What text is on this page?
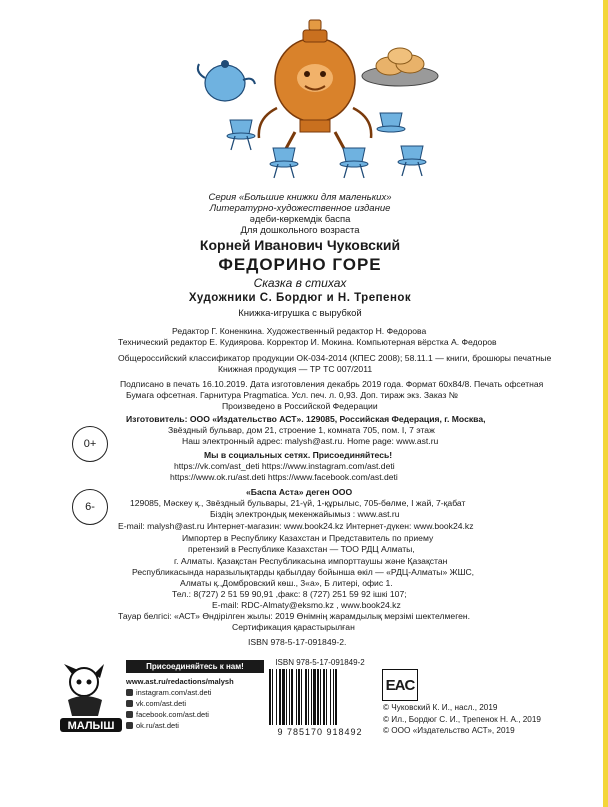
Серия «Большие книжки для маленьких»
Литературно-художественное издание
әдеби-көркемдік баспа
Для дошкольного возраста
Корней Иванович Чуковский
ФЕДОРИНО ГОРЕ
Сказка в стихах
Художники С. Бордюг и Н. Трепенок
Книжка-игрушка с вырубкой
Редактор Г. Коненкина. Художественный редактор Н. Федорова
Технический редактор Е. Кудиярова. Корректор И. Мокина. Компьютерная вёрстка А. Федоров
Общероссийский классификатор продукции ОК-034-2014 (КПЕС 2008); 58.11.1 — книги, брошюры печатные
Книжная продукция — ТР ТС 007/2011
Подписано в печать 16.10.2019. Дата изготовления декабрь 2019 года. Формат 60x84/8. Печать офсетная
Бумага офсетная. Гарнитура Pragmatica. Усл. печ. л. 0,93. Доп. тираж экз. Заказ №
Произведено в Российской Федерации
Изготовитель: ООО «Издательство АСТ». 129085, Российская Федерация, г. Москва,
Звёздный бульвар, дом 21, строение 1, комната 705, пом. I, 7 этаж
Наш электронный адрес: malysh@ast.ru. Home page: www.ast.ru
0+
Мы в социальных сетях. Присоединяйтесь!
https://vk.com/ast_deti https://www.instagram.com/ast.deti
https://www.ok.ru/ast.deti https://www.facebook.com/ast.deti
«Баспа Аста» деген ООО
129085, Мәскеу қ., Звёздный бульвары, 21-үй, 1-құрылыс, 705-бөлме, I жай, 7-қабат
Біздің электрондық мекенжайымыз : www.ast.ru
E-mail: malysh@ast.ru Интернет-магазин: www.book24.kz Интернет-дүкен: www.book24.kz
Импортер в Республику Казахстан и Представитель по приему
претензий в Республике Казахстан — ТОО РДЦ Алматы,
г. Алматы. Қазақстан Республикасына импорттаушы және Қазақстан
Республикасында наразылықтарды қабылдау бойынша өкіл — «РДЦ-Алматы» ЖШС,
Алматы қ.,Домбровский көш., 3«а», Б литері, офис 1.
Тел.: 8(727) 2 51 59 90,91 ,факс: 8 (727) 251 59 92 ішкі 107;
E-mail: RDC-Almaty@eksmo.kz , www.book24.kz
Тауар белгісі: «АСТ» Өндірілген жылы: 2019 Өнімнің жарамдылық мерзімі шектелмеген.
Сертификация қарастырылған
6-
ISBN 978-5-17-091849-2.
МАЛЫШ
Присоединяйтесь к нам!
www.ast.ru/redactions/malysh
instagram.com/ast.deti
vk.com/ast.deti
facebook.com/ast.deti
ok.ru/ast.deti
ISBN 978-5-17-091849-2
9 785170 918492
EAC
© Чуковский К. И., насл., 2019
© Ил., Бордюг С. И., Трепенок Н. А., 2019
© ООО «Издательство АСТ», 2019
